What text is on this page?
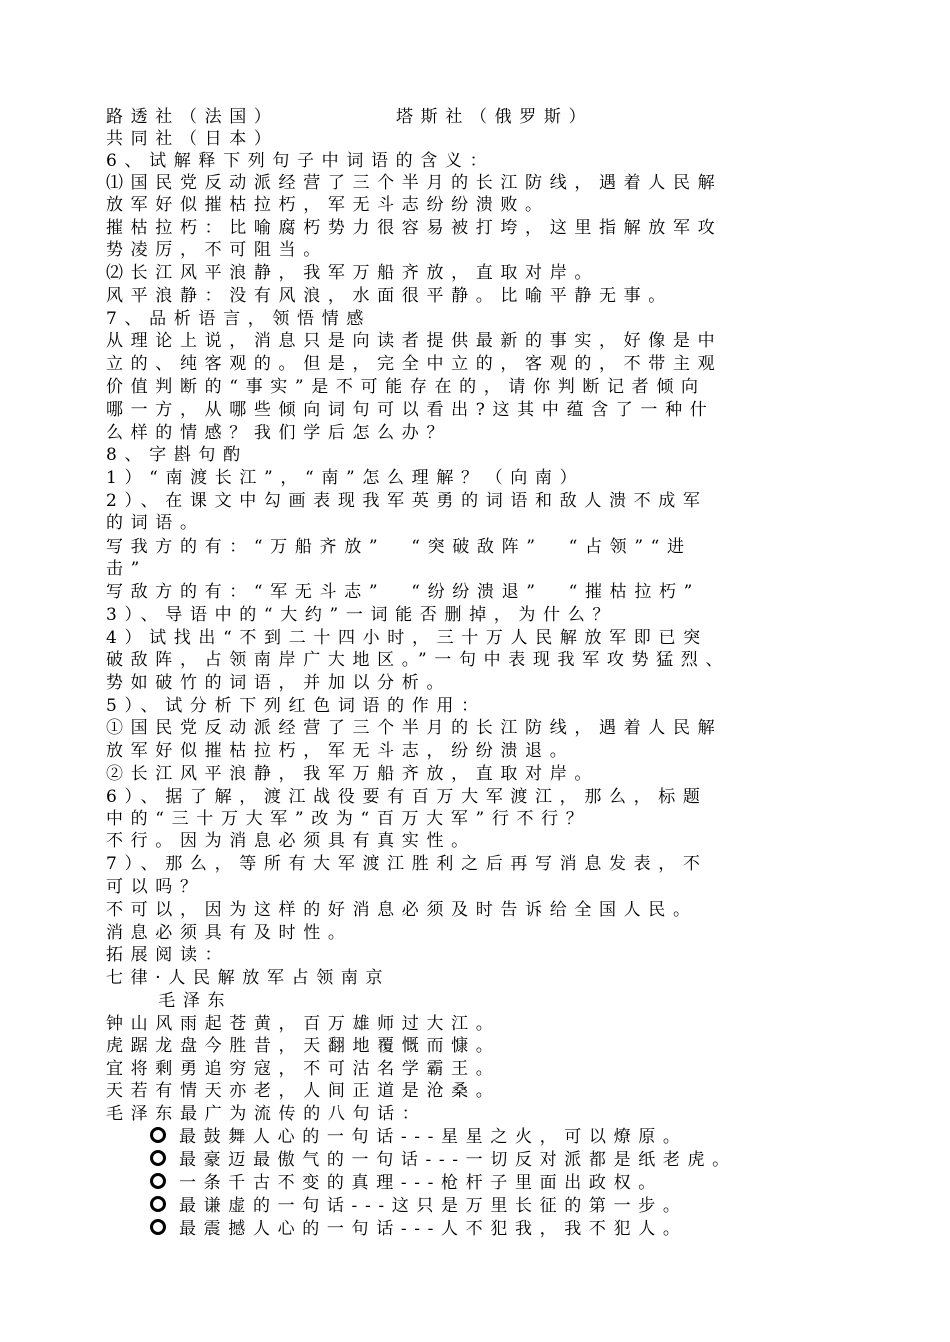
路透社（法国）         塔斯社（俄罗斯）

共同社（日本）

6、试解释下列句子中词语的含义：

⑴国民党反动派经营了三个半月的长江防线，遇着人民解

放军好似摧枯拉朽，军无斗志纷纷溃败。

摧枯拉朽：比喻腐朽势力很容易被打垮，这里指解放军攻

势凌厉，不可阻当。

⑵长江风平浪静，我军万船齐放，直取对岸。

风平浪静：没有风浪，水面很平静。比喻平静无事。

7、品析语言，领悟情感

从理论上说，消息只是向读者提供最新的事实，好像是中

立的、纯客观的。但是，完全中立的，客观的，不带主观

价值判断的“事实”是不可能存在的，请你判断记者倾向

哪一方，从哪些倾向词句可以看出?这其中蕴含了一种什

么样的情感？我们学后怎么办？

8、字斟句酌

1）“南渡长江”，“南”怎么理解？（向南）

2）、在课文中勾画表现我军英勇的词语和敌人溃不成军

的词语。

写我方的有：“万船齐放”  “突破敌阵”  “占领”“进

击”

写敌方的有：“军无斗志”  “纷纷溃退”  “摧枯拉朽”

3）、导语中的“大约”一词能否删掉，为什么？

4）试找出“不到二十四小时，三十万人民解放军即已突

破敌阵，占领南岸广大地区。”一句中表现我军攻势猛烈、

势如破竹的词语，并加以分析。

5）、试分析下列红色词语的作用：

①国民党反动派经营了三个半月的长江防线，遇着人民解

放军好似摧枯拉朽，军无斗志，纷纷溃退。

②长江风平浪静，我军万船齐放，直取对岸。

6）、据了解，渡江战役要有百万大军渡江，那么，标题

中的“三十万大军”改为“百万大军”行不行？

不行。因为消息必须具有真实性。

7）、那么，等所有大军渡江胜利之后再写消息发表，不

可以吗？

不可以，因为这样的好消息必须及时告诉给全国人民。

消息必须具有及时性。

拓展阅读：

七律·人民解放军占领南京

毛泽东

钟山风雨起苍黄，百万雄师过大江。

虎踞龙盘今胜昔，天翻地覆慨而慷。

宜将剩勇追穷寇，不可沽名学霸王。

天若有情天亦老，人间正道是沧桑。

毛泽东最广为流传的八句话：

最鼓舞人心的一句话---星星之火，可以燎原。

最豪迈最傲气的一句话---一切反对派都是纸老虎。

一条千古不变的真理---枪杆子里面出政权。

最谦虚的一句话---这只是万里长征的第一步。

最震撼人心的一句话---人不犯我，我不犯人。
